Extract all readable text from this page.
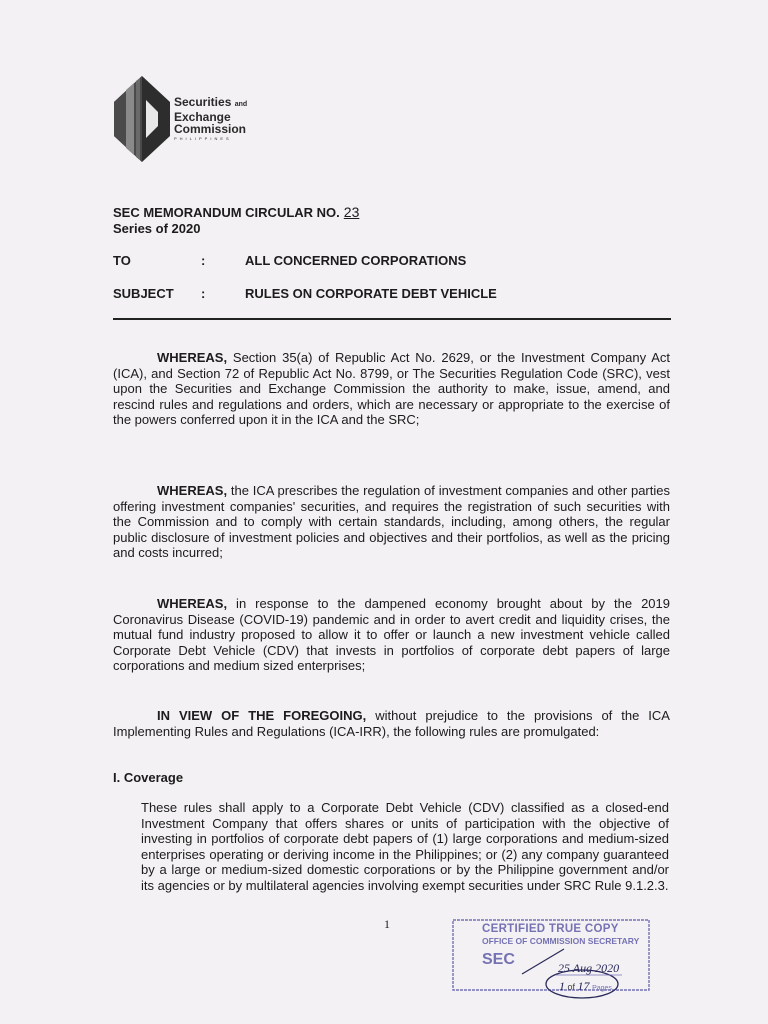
Securities and
Exchange
Commission
PHILIPPINES
SEC MEMORANDUM CIRCULAR NO. 23
Series of 2020
TO	:	ALL CONCERNED CORPORATIONS
SUBJECT :	RULES ON CORPORATE DEBT VEHICLE

WHEREAS, Section 35(a) of Republic Act No. 2629, or the Investment Company Act (ICA), and Section 72 of Republic Act No. 8799, or The Securities Regulation Code (SRC), vest upon the Securities and Exchange Commission the authority to make, issue, amend, and rescind rules and regulations and orders, which are necessary or appropriate to the exercise of the powers conferred upon it in the ICA and the SRC;

WHEREAS, the ICA prescribes the regulation of investment companies and other parties offering investment companies' securities, and requires the registration of such securities with the Commission and to comply with certain standards, including, among others, the regular public disclosure of investment policies and objectives and their portfolios, as well as the pricing and costs incurred;

WHEREAS, in response to the dampened economy brought about by the 2019 Coronavirus Disease (COVID-19) pandemic and in order to avert credit and liquidity crises, the mutual fund industry proposed to allow it to offer or launch a new investment vehicle called Corporate Debt Vehicle (CDV) that invests in portfolios of corporate debt papers of large corporations and medium sized enterprises;

IN VIEW OF THE FOREGOING, without prejudice to the provisions of the ICA Implementing Rules and Regulations (ICA-IRR), the following rules are promulgated:

I. Coverage

These rules shall apply to a Corporate Debt Vehicle (CDV) classified as a closed-end Investment Company that offers shares or units of participation with the objective of investing in portfolios of corporate debt papers of (1) large corporations and medium-sized enterprises operating or deriving income in the Philippines; or (2) any company guaranteed by a large or medium-sized domestic corporations or by the Philippine government and/or its agencies or by multilateral agencies involving exempt securities under SRC Rule 9.1.2.3.

1	CERTIFIED TRUE COPY
OFFICE OF COMMISSION SECRETARY
SEC	25 Aug 2020
1 of 17 Pages
